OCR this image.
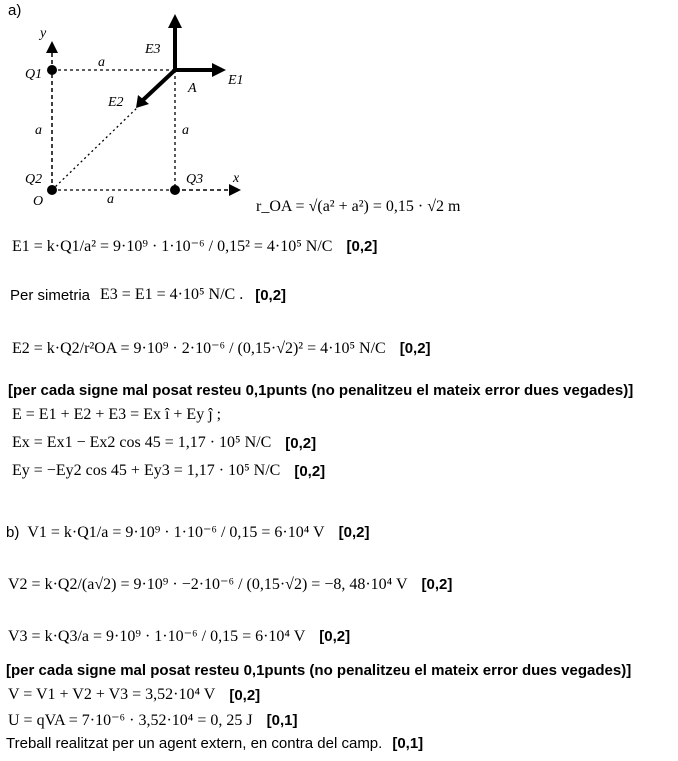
a)
y
x
Q1
Q2	Q3
O
A
a
a	a
a
E1
E2
E3
r_OA = √(a² + a²) = 0,15 · √2 m
E1 = k·Q1/a² = 9·10⁹ · 1·10⁻⁶ / 0,15² = 4·10⁵ N/C [0,2]
Per simetria E3 = E1 = 4·10⁵ N/C . [0,2]
E2 = k·Q2/r²OA = 9·10⁹ · 2·10⁻⁶ / (0,15·√2)² = 4·10⁵ N/C [0,2]
[per cada signe mal posat resteu 0,1punts (no penalitzeu el mateix error dues vegades)]
E = E1 + E2 + E3 = Ex î + Ey ĵ ;
Ex = Ex1 − Ex2 cos 45 = 1,17 · 10⁵ N/C [0,2]
Ey = −Ey2 cos 45 + Ey3 = 1,17 · 10⁵ N/C [0,2]
b) V1 = k·Q1/a = 9·10⁹ · 1·10⁻⁶ / 0,15 = 6·10⁴ V [0,2]
V2 = k·Q2/(a√2) = 9·10⁹ · −2·10⁻⁶ / (0,15·√2) = −8, 48·10⁴ V [0,2]
V3 = k·Q3/a = 9·10⁹ · 1·10⁻⁶ / 0,15 = 6·10⁴ V [0,2]
[per cada signe mal posat resteu 0,1punts (no penalitzeu el mateix error dues vegades)]
V = V1 + V2 + V3 = 3,52·10⁴ V [0,2]
U = qVA = 7·10⁻⁶ · 3,52·10⁴ = 0, 25 J [0,1]
Treball realitzat per un agent extern, en contra del camp. [0,1]
